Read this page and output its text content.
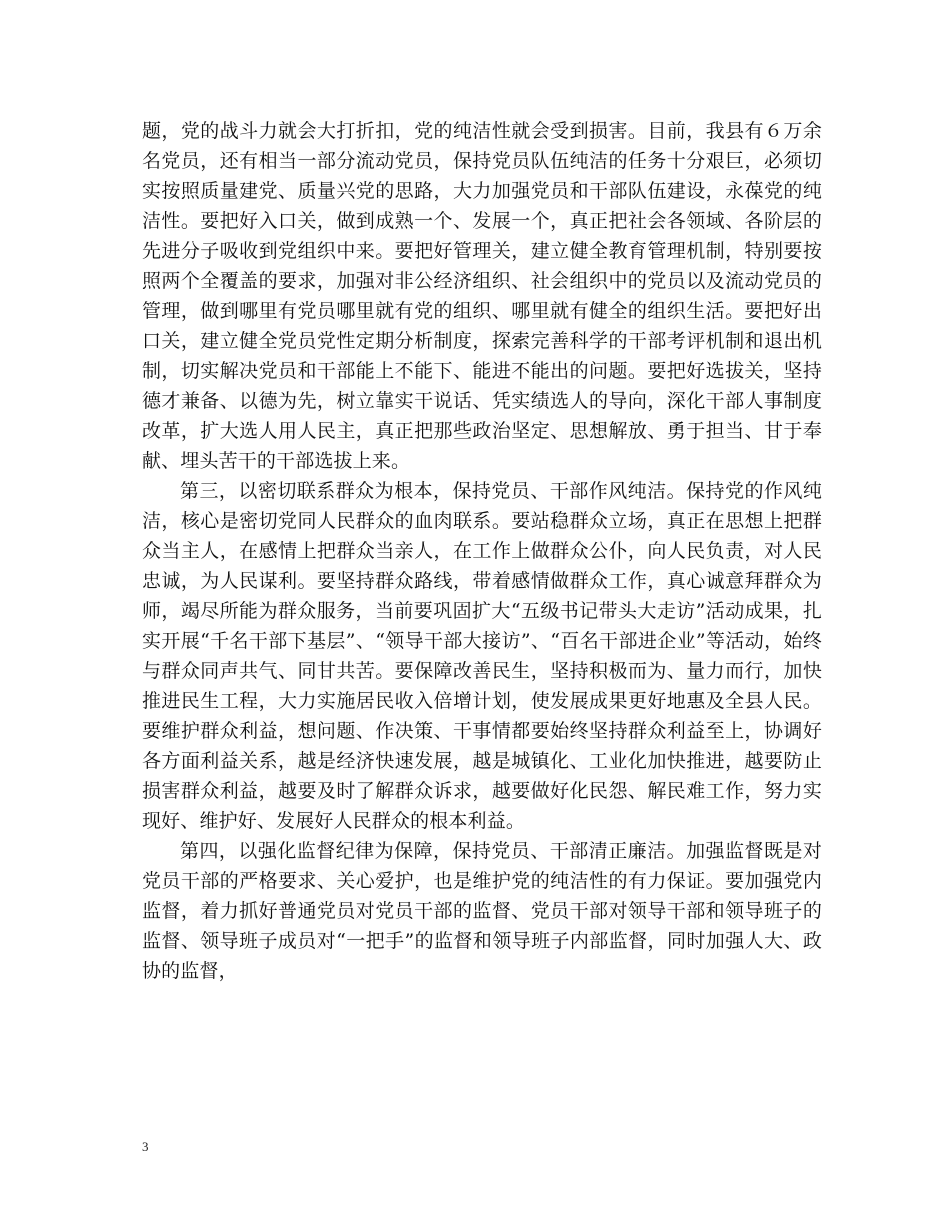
题，党的战斗力就会大打折扣，党的纯洁性就会受到损害。目前，我县有６万余名党员，还有相当一部分流动党员，保持党员队伍纯洁的任务十分艰巨，必须切实按照质量建党、质量兴党的思路，大力加强党员和干部队伍建设，永葆党的纯洁性。要把好入口关，做到成熟一个、发展一个，真正把社会各领域、各阶层的先进分子吸收到党组织中来。要把好管理关，建立健全教育管理机制，特别要按照两个全覆盖的要求，加强对非公经济组织、社会组织中的党员以及流动党员的管理，做到哪里有党员哪里就有党的组织、哪里就有健全的组织生活。要把好出口关，建立健全党员党性定期分析制度，探索完善科学的干部考评机制和退出机制，切实解决党员和干部能上不能下、能进不能出的问题。要把好选拔关，坚持德才兼备、以德为先，树立靠实干说话、凭实绩选人的导向，深化干部人事制度改革，扩大选人用人民主，真正把那些政治坚定、思想解放、勇于担当、甘于奉献、埋头苦干的干部选拔上来。

第三，以密切联系群众为根本，保持党员、干部作风纯洁。保持党的作风纯洁，核心是密切党同人民群众的血肉联系。要站稳群众立场，真正在思想上把群众当主人，在感情上把群众当亲人，在工作上做群众公仆，向人民负责，对人民忠诚，为人民谋利。要坚持群众路线，带着感情做群众工作，真心诚意拜群众为师，竭尽所能为群众服务，当前要巩固扩大“五级书记带头大走访”活动成果，扎实开展“千名干部下基层”、“领导干部大接访”、“百名干部进企业”等活动，始终与群众同声共气、同甘共苦。要保障改善民生，坚持积极而为、量力而行，加快推进民生工程，大力实施居民收入倍增计划，使发展成果更好地惠及全县人民。要维护群众利益，想问题、作决策、干事情都要始终坚持群众利益至上，协调好各方面利益关系，越是经济快速发展，越是城镇化、工业化加快推进，越要防止损害群众利益，越要及时了解群众诉求，越要做好化民怨、解民难工作，努力实现好、维护好、发展好人民群众的根本利益。

第四，以强化监督纪律为保障，保持党员、干部清正廉洁。加强监督既是对党员干部的严格要求、关心爱护，也是维护党的纯洁性的有力保证。要加强党内监督，着力抓好普通党员对党员干部的监督、党员干部对领导干部和领导班子的监督、领导班子成员对“一把手”的监督和领导班子内部监督，同时加强人大、政协的监督，

3
